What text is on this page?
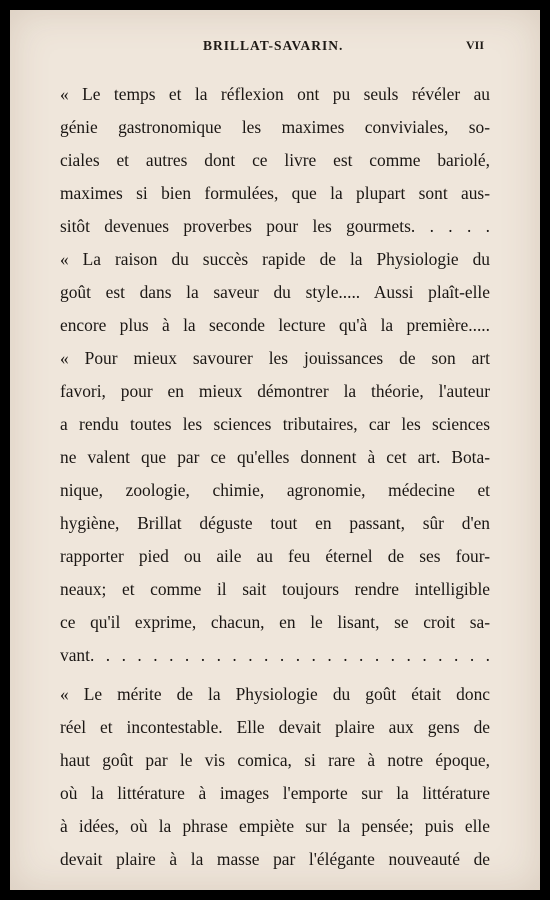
BRILLAT-SAVARIN.	VII
« Le temps et la réflexion ont pu seuls révéler au
génie gastronomique les maximes conviviales, so-
ciales et autres dont ce livre est comme bariolé,
maximes si bien formulées, que la plupart sont aus-
sitôt devenues proverbes pour les gourmets. . . . .
« La raison du succès rapide de la Physiologie du
goût est dans la saveur du style..... Aussi plaît-elle
encore plus à la seconde lecture qu'à la première.....
« Pour mieux savourer les jouissances de son art
favori, pour en mieux démontrer la théorie, l'auteur
a rendu toutes les sciences tributaires, car les sciences
ne valent que par ce qu'elles donnent à cet art. Bota-
nique, zoologie, chimie, agronomie, médecine et
hygiène, Brillat déguste tout en passant, sûr d'en
rapporter pied ou aile au feu éternel de ses four-
neaux; et comme il sait toujours rendre intelligible
ce qu'il exprime, chacun, en le lisant, se croit sa-
vant. . . . . . . . . . . . . . . . . . . . . . . . . .
« Le mérite de la Physiologie du goût était donc
réel et incontestable. Elle devait plaire aux gens de
haut goût par le vis comica, si rare à notre époque,
où la littérature à images l'emporte sur la littérature
à idées, où la phrase empiète sur la pensée; puis elle
devait plaire à la masse par l'élégante nouveauté de
